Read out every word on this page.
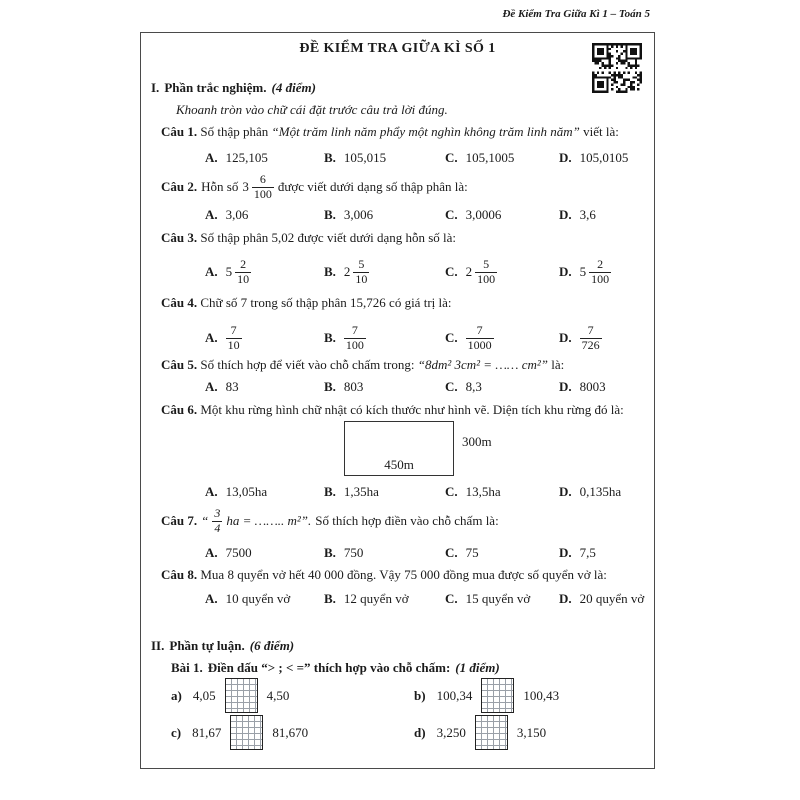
Đề Kiểm Tra Giữa Kì 1 – Toán 5
ĐỀ KIỂM TRA GIỮA KÌ SỐ 1
I. Phần trắc nghiệm. (4 điểm)
Khoanh tròn vào chữ cái đặt trước câu trả lời đúng.
Câu 1. Số thập phân “Một trăm linh năm phẩy một nghìn không trăm linh năm” viết là:
A. 125,105	B. 105,015	C. 105,1005	D. 105,0105
Câu 2. Hỗn số $3 \frac{6}{100}$ được viết dưới dạng số thập phân là:
A. 3,06	B. 3,006	C. 3,0006	D. 3,6
Câu 3. Số thập phân 5,02 được viết dưới dạng hỗn số là:
A. $5 \frac{2}{10}$	B. $2 \frac{5}{10}$	C. $2 \frac{5}{100}$	D. $5 \frac{2}{100}$
Câu 4. Chữ số 7 trong số thập phân 15,726 có giá trị là:
A. $\frac{7}{10}$	B. $\frac{7}{100}$	C. $\frac{7}{1000}$	D. $\frac{7}{726}$
Câu 5. Số thích hợp để viết vào chỗ chấm trong: “8dm² 3cm² = …… cm²” là:
A. 83	B. 803	C. 8,3	D. 8003
Câu 6. Một khu rừng hình chữ nhật có kích thước như hình vẽ. Diện tích khu rừng đó là:
450m
300m
A. 13,05ha	B. 1,35ha	C. 13,5ha	D. 0,135ha
Câu 7. “ $\frac{3}{4}$ ha = …….. m²”. Số thích hợp điền vào chỗ chấm là:
A. 7500	B. 750	C. 75	D. 7,5
Câu 8. Mua 8 quyển vở hết 40 000 đồng. Vậy 75 000 đồng mua được số quyển vở là:
A. 10 quyển vở	B. 12 quyển vở	C. 15 quyển vở D. 20 quyển vở
II. Phần tự luận. (6 điểm)
Bài 1. Điền dấu “> ; < =” thích hợp vào chỗ chấm: (1 điểm)
a) 4,05	4,50	b) 100,34	100,43
c) 81,67	81,670	d) 3,250	3,150
